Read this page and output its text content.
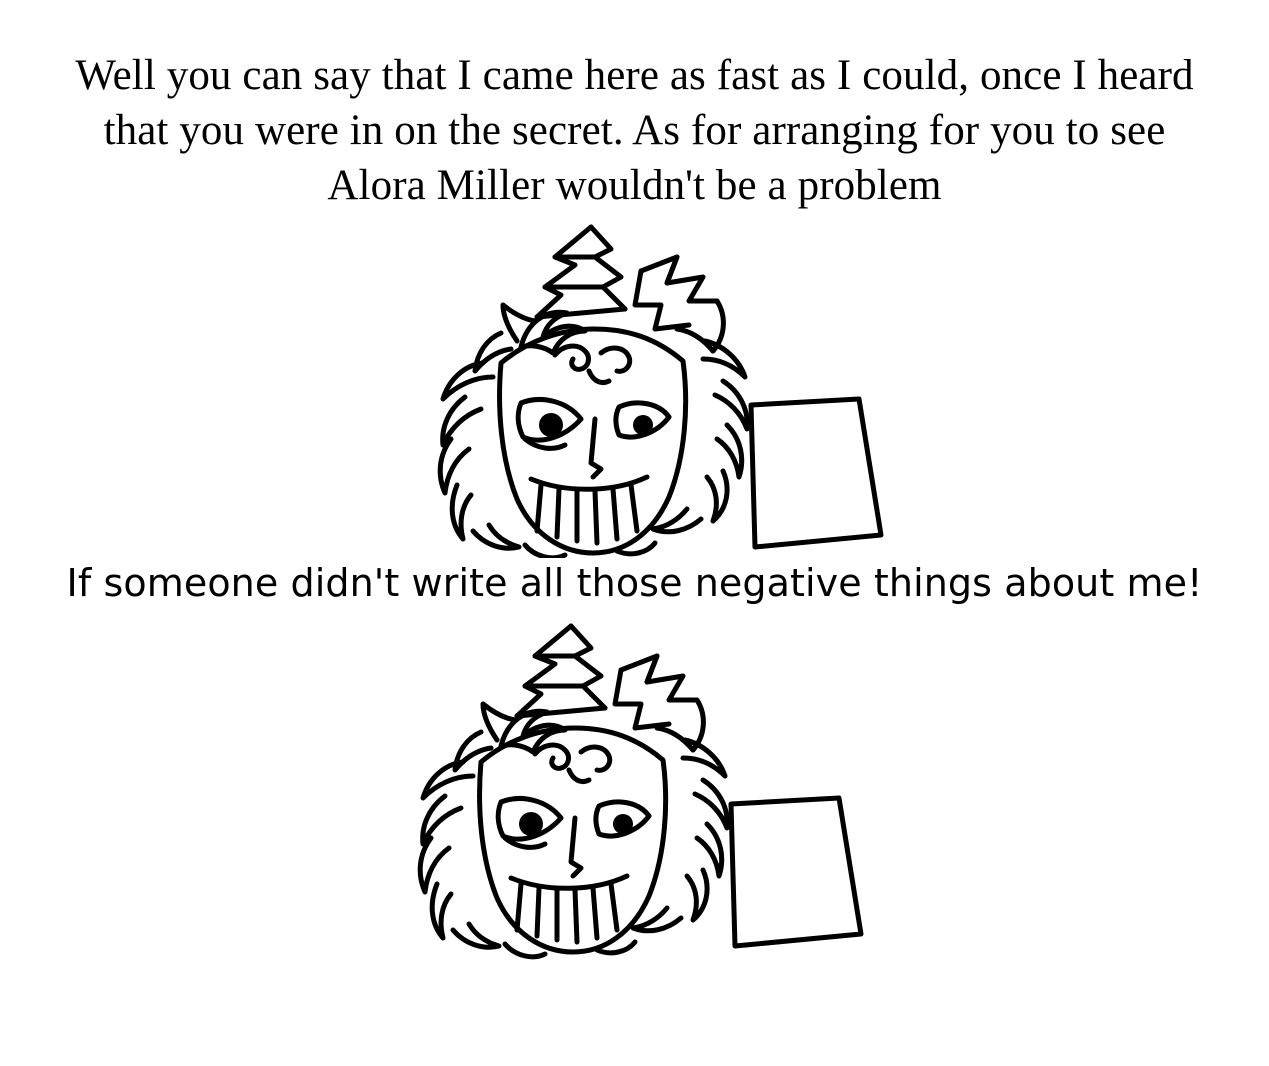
Well you can say that I came here as fast as I could, once I heard that you were in on the secret. As for arranging for you to see Alora Miller wouldn't be a problem
If someone didn't write all those negative things about me!
